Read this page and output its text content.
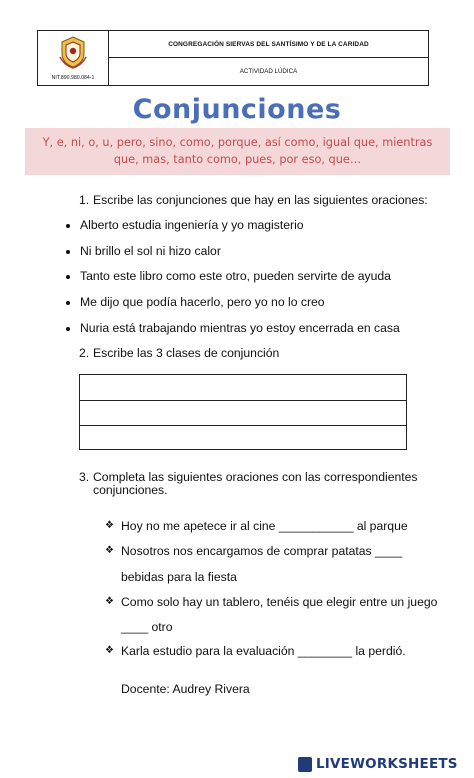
NIT.890.980.084-1
CONGREGACIÓN SIERVAS DEL SANTÍSIMO Y DE LA CARIDAD
ACTIVIDAD LÚDICA
Conjunciones
Y, e, ni, o, u, pero, sino, como, porque, así como, igual que, mientras
que, mas, tanto como, pues, por eso, que…
1. Escribe las conjunciones que hay en las siguientes oraciones:
Alberto estudia ingeniería y yo magisterio
Ni brillo el sol ni hizo calor
Tanto este libro como este otro, pueden servirte de ayuda
Me dijo que podía hacerlo, pero yo no lo creo
Nuria está trabajando mientras yo estoy encerrada en casa
2. Escribe las 3 clases de conjunción
3. Completa las siguientes oraciones con las correspondientes
conjunciones.
❖ Hoy no me apetece ir al cine ___________ al parque
❖ Nosotros nos encargamos de comprar patatas ____
bebidas para la fiesta
❖ Como solo hay un tablero, tenéis que elegir entre un juego
____ otro
❖ Karla estudio para la evaluación ________ la perdió.
Docente: Audrey Rivera
LIVEWORKSHEETS
